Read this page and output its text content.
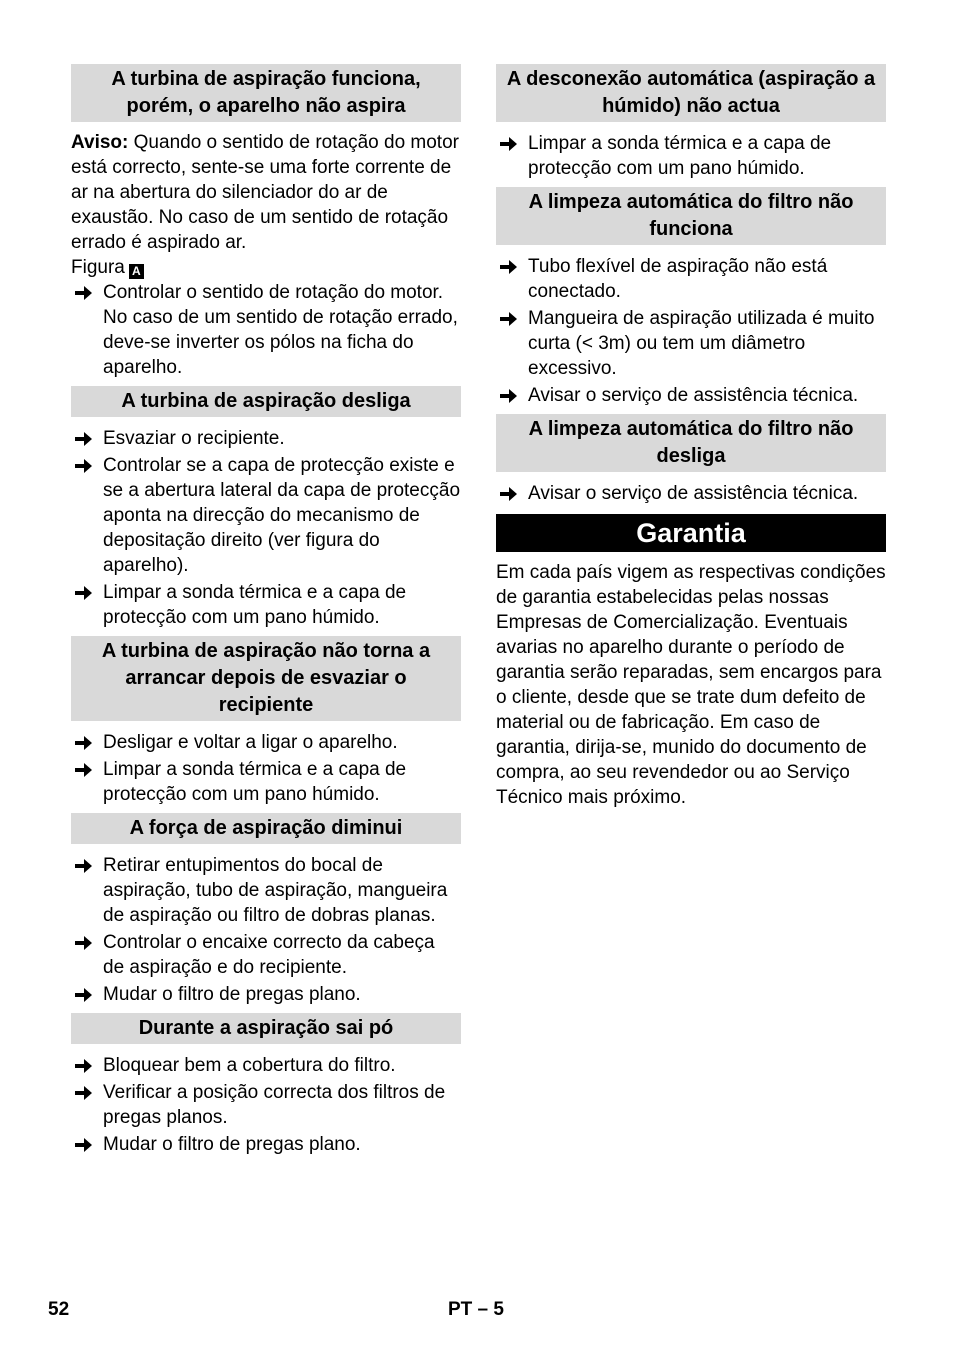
A turbina de aspiração funciona, porém, o aparelho não aspira

Aviso: Quando o sentido de rotação do motor está correcto, sente-se uma forte corrente de ar na abertura do silenciador do ar de exaustão. No caso de um sentido de rotação errado é aspirado ar.

Figura A

Controlar o sentido de rotação do motor. No caso de um sentido de rotação errado, deve-se inverter os pólos na ficha do aparelho.
A turbina de aspiração desliga
Esvaziar o recipiente.
Controlar se a capa de protecção existe e se a abertura lateral da capa de protecção aponta na direcção do mecanismo de depositação direito (ver figura do aparelho).
Limpar a sonda térmica e a capa de protecção com um pano húmido.
A turbina de aspiração não torna a arrancar depois de esvaziar o recipiente
Desligar e voltar a ligar o aparelho.
Limpar a sonda térmica e a capa de protecção com um pano húmido.
A força de aspiração diminui
Retirar entupimentos do bocal de aspiração, tubo de aspiração, mangueira de aspiração ou filtro de dobras planas.
Controlar o encaixe correcto da cabeça de aspiração e do recipiente.
Mudar o filtro de pregas plano.
Durante a aspiração sai pó
Bloquear bem a cobertura do filtro.
Verificar a posição correcta dos filtros de pregas planos.
Mudar o filtro de pregas plano.
A desconexão automática (aspiração a húmido) não actua
Limpar a sonda térmica e a capa de protecção com um pano húmido.
A limpeza automática do filtro não funciona
Tubo flexível de aspiração não está conectado.
Mangueira de aspiração utilizada é muito curta (< 3m) ou tem um diâmetro excessivo.
Avisar o serviço de assistência técnica.
A limpeza automática do filtro não desliga
Avisar o serviço de assistência técnica.
Garantia

Em cada país vigem as respectivas condições de garantia estabelecidas pelas nossas Empresas de Comercialização. Eventuais avarias no aparelho durante o período de garantia serão reparadas, sem encargos para o cliente, desde que se trate dum defeito de material ou de fabricação. Em caso de garantia, dirija-se, munido do documento de compra, ao seu revendedor ou ao Serviço Técnico mais próximo.

52	PT – 5
